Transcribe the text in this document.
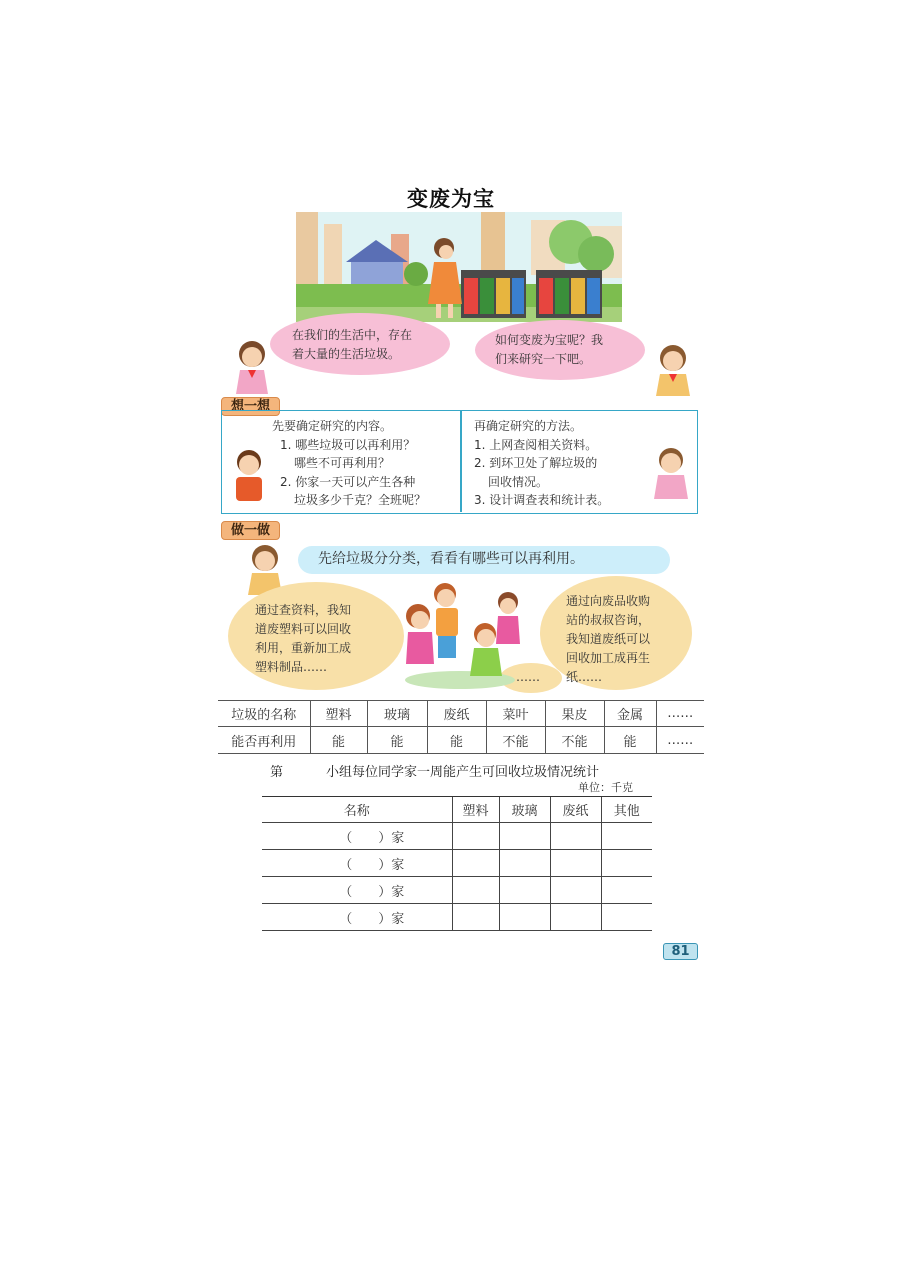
变废为宝
在我们的生活中，存在
着大量的生活垃圾。
如何变废为宝呢？我
们来研究一下吧。
想一想
先要确定研究的内容。
1. 哪些垃圾可以再利用？
哪些不可再利用？
2. 你家一天可以产生各种
垃圾多少千克？全班呢？
再确定研究的方法。
1. 上网查阅相关资料。
2. 到环卫处了解垃圾的
回收情况。
3. 设计调查表和统计表。
做一做
先给垃圾分分类，看看有哪些可以再利用。
通过查资料，我知
道废塑料可以回收
利用，重新加工成
塑料制品……
通过向废品收购
站的叔叔咨询，
我知道废纸可以
回收加工成再生
纸……
……
垃圾的名称	塑料	玻璃	废纸	菜叶	果皮	金属	……
能否再利用	能	能	能	不能	不能	能	……
第	小组每位同学家一周能产生可回收垃圾情况统计
单位：千克
名称	塑料	玻璃	废纸	其他
（　　）家				
（　　）家				
（　　）家				
（　　）家				
81
